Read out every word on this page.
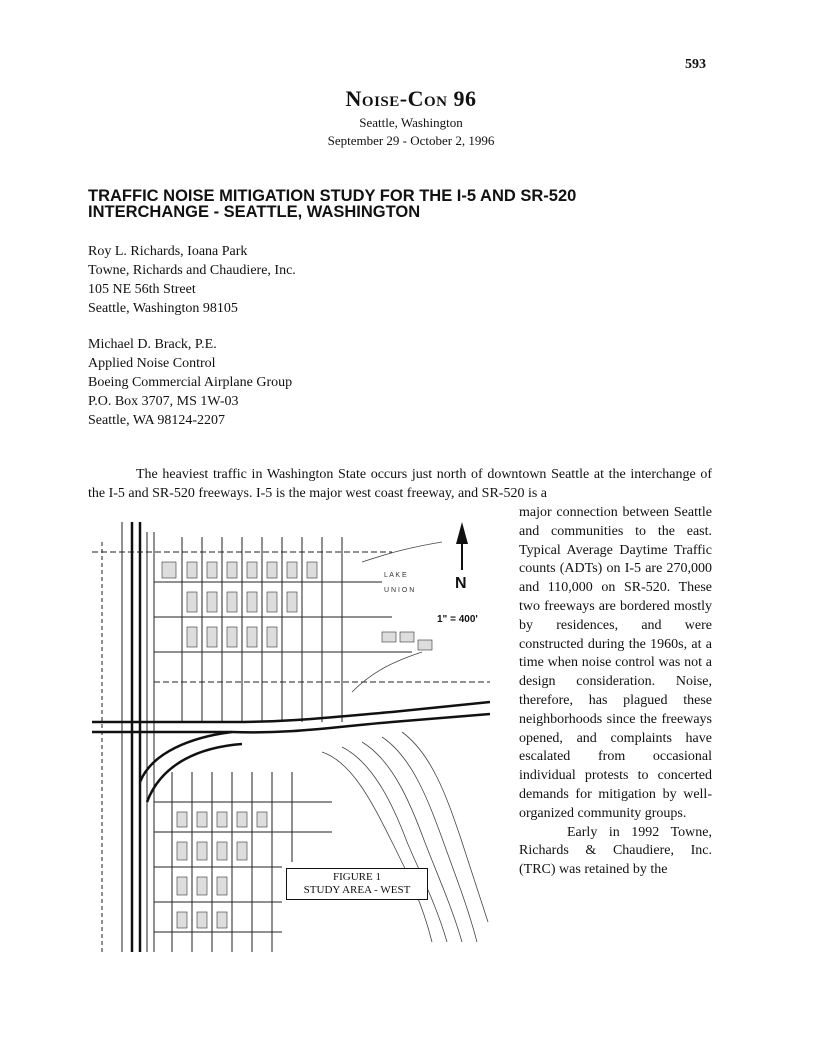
593
Noise-Con 96
Seattle, Washington
September 29 - October 2, 1996
TRAFFIC NOISE MITIGATION STUDY FOR THE I-5 AND SR-520
INTERCHANGE - SEATTLE, WASHINGTON
Roy L. Richards, Ioana Park
Towne, Richards and Chaudiere, Inc.
105 NE 56th Street
Seattle, Washington 98105
Michael D. Brack, P.E.
Applied Noise Control
Boeing Commercial Airplane Group
P.O. Box 3707, MS 1W-03
Seattle, WA 98124-2207
The heaviest traffic in Washington State occurs just north of downtown Seattle at the interchange of the I-5 and SR-520 freeways. I-5 is the major west coast freeway, and SR-520 is a

major connection between Seattle and communities to the east. Typical Average Daytime Traffic counts (ADTs) on I-5 are 270,000 and 110,000 on SR-520. These two freeways are bordered mostly by residences, and were constructed during the 1960s, at a time when noise control was not a design consideration. Noise, therefore, has plagued these neighborhoods since the freeways opened, and complaints have escalated from occasional individual protests to concerted demands for mitigation by well-organized community groups.

Early in 1992 Towne, Richards & Chaudiere, Inc. (TRC) was retained by the

N
1" = 400'
L A K E
U N I O N
FIGURE 1
STUDY AREA - WEST
